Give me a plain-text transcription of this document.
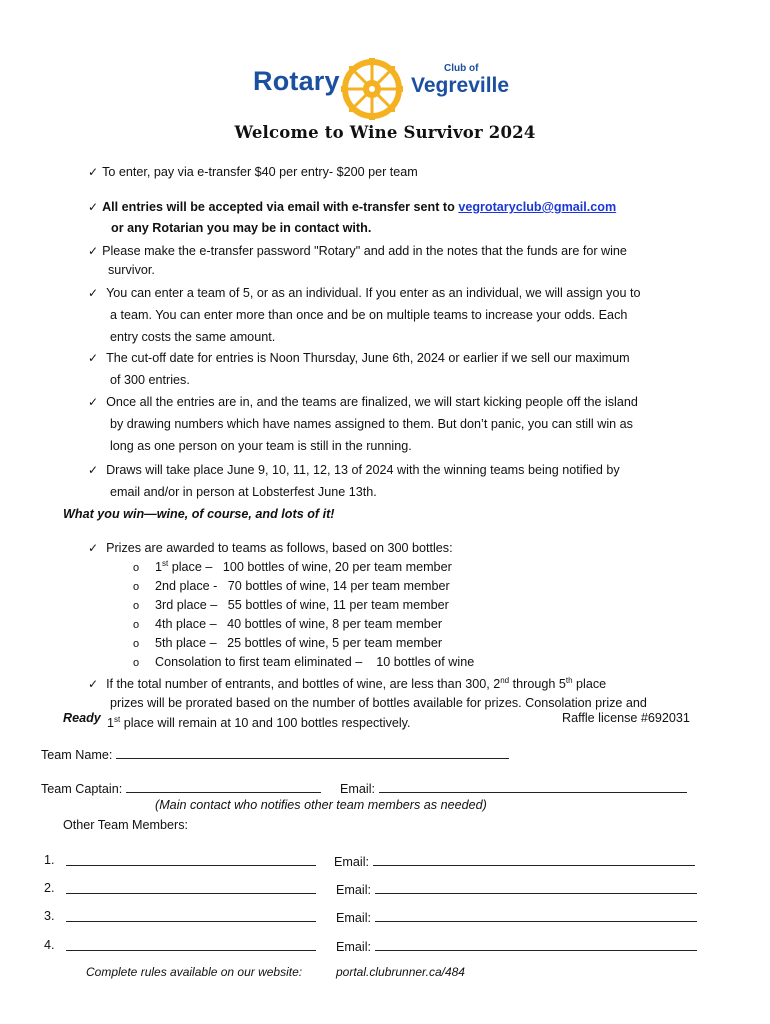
Rotary	Club of
Vegreville
Welcome to Wine Survivor 2024
✓ To enter, pay via e-transfer $40 per entry- $200 per team
✓ All entries will be accepted via email with e-transfer sent to vegrotaryclub@gmail.com
or any Rotarian you may be in contact with.
✓ Please make the e-transfer password "Rotary" and add in the notes that the funds are for wine
survivor.
✓ You can enter a team of 5, or as an individual. If you enter as an individual, we will assign you to
a team. You can enter more than once and be on multiple teams to increase your odds. Each
entry costs the same amount.
✓ The cut-off date for entries is Noon Thursday, June 6th, 2024 or earlier if we sell our maximum
of 300 entries.
✓ Once all the entries are in, and the teams are finalized, we will start kicking people off the island
by drawing numbers which have names assigned to them. But don’t panic, you can still win as
long as one person on your team is still in the running.
✓ Draws will take place June 9, 10, 11, 12, 13 of 2024 with the winning teams being notified by
email and/or in person at Lobsterfest June 13th.
What you win—wine, of course, and lots of it!
✓ Prizes are awarded to teams as follows, based on 300 bottles:
o 1st place –   100 bottles of wine, 20 per team member
o 2nd place -   70 bottles of wine, 14 per team member
o 3rd place –   55 bottles of wine, 11 per team member
o 4th place –   40 bottles of wine, 8 per team member
o 5th place –   25 bottles of wine, 5 per team member
o Consolation to first team eliminated –    10 bottles of wine
✓ If the total number of entrants, and bottles of wine, are less than 300, 2nd through 5th place
prizes will be prorated based on the number of bottles available for prizes. Consolation prize and
Ready	Raffle license #692031
1st place will remain at 10 and 100 bottles respectively.
Team Name:
Team Captain:	Email:
(Main contact who notifies other team members as needed)
Other Team Members:
1.	Email:
2.	Email:
3.	Email:
4.	Email:
Complete rules available on our website:	portal.clubrunner.ca/484
